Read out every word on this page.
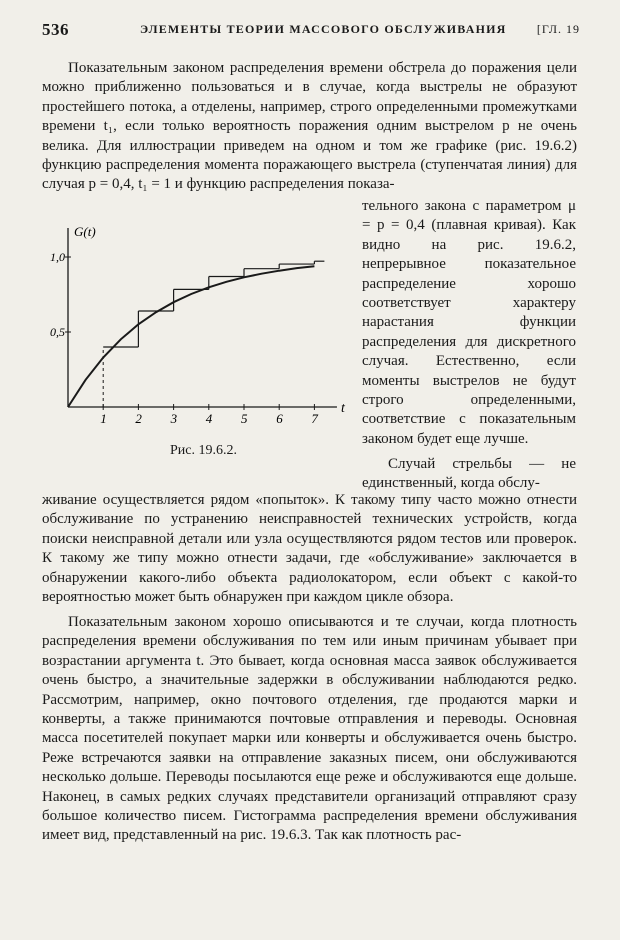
536	ЭЛЕМЕНТЫ ТЕОРИИ МАССОВОГО ОБСЛУЖИВАНИЯ	[ГЛ. 19

Показательным законом распределения времени обстрела до поражения цели можно приближенно пользоваться и в случае, когда выстрелы не образуют простейшего потока, а отделены, например, строго определенными промежутками времени t₁, если только вероятность поражения одним выстрелом p не очень велика. Для иллюстрации приведем на одном и том же графике (рис. 19.6.2) функцию распределения момента поражающего выстрела (ступенчатая линия) для случая p = 0,4, t₁ = 1 и функцию распределения показа-

G(t)
t
0,5
1,0
1 2 3 4 5 6 7
Рис. 19.6.2.

тельного закона с параметром μ = p = 0,4 (плавная кривая). Как видно на рис. 19.6.2, непрерывное показательное распределение хорошо соответствует характеру нарастания функции распределения для дискретного случая. Естественно, если моменты выстрелов не будут строго определенными, соответствие с показательным законом будет еще лучше.

Случай стрельбы — не единственный, когда обслу-

живание осуществляется рядом «попыток». К такому типу часто можно отнести обслуживание по устранению неисправностей технических устройств, когда поиски неисправной детали или узла осуществляются рядом тестов или проверок. К такому же типу можно отнести задачи, где «обслуживание» заключается в обнаружении какого-либо объекта радиолокатором, если объект с какой-то вероятностью может быть обнаружен при каждом цикле обзора.

Показательным законом хорошо описываются и те случаи, когда плотность распределения времени обслуживания по тем или иным причинам убывает при возрастании аргумента t. Это бывает, когда основная масса заявок обслуживается очень быстро, а значительные задержки в обслуживании наблюдаются редко. Рассмотрим, например, окно почтового отделения, где продаются марки и конверты, а также принимаются почтовые отправления и переводы. Основная масса посетителей покупает марки или конверты и обслуживается очень быстро. Реже встречаются заявки на отправление заказных писем, они обслуживаются несколько дольше. Переводы посылаются еще реже и обслуживаются еще дольше. Наконец, в самых редких случаях представители организаций отправляют сразу большое количество писем. Гистограмма распределения времени обслуживания имеет вид, представленный на рис. 19.6.3. Так как плотность рас-
